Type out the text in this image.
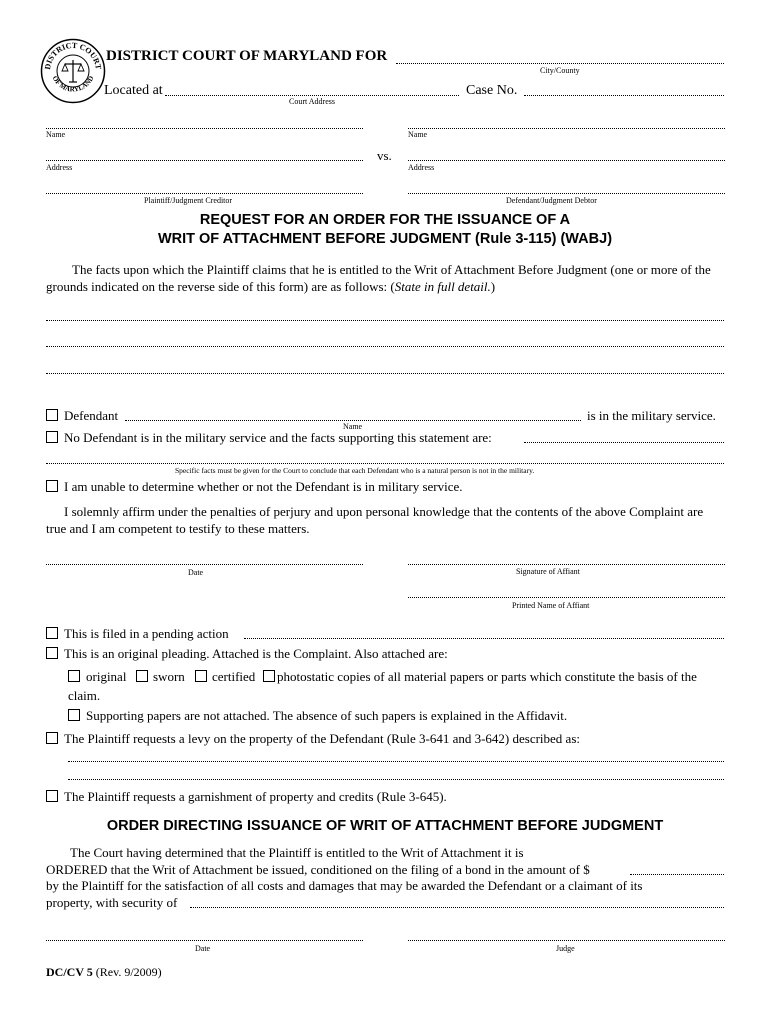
DISTRICT COURT
OF MARYLAND
DISTRICT COURT OF MARYLAND FOR
City/County
Located at
Court Address
Case No.
Name
Address
Plaintiff/Judgment Creditor
vs.
Name
Address
Defendant/Judgment Debtor
REQUEST FOR AN ORDER FOR THE ISSUANCE OF A
WRIT OF ATTACHMENT BEFORE JUDGMENT (Rule 3-115) (WABJ)
The facts upon which the Plaintiff claims that he is entitled to the Writ of Attachment Before Judgment (one or more of the grounds indicated on the reverse side of this form) are as follows: (State in full detail.)
Defendant
Name
is in the military service.
No Defendant is in the military service and the facts supporting this statement are:
Specific facts must be given for the Court to conclude that each Defendant who is a natural person is not in the military.
I am unable to determine whether or not the Defendant is in military service.
I solemnly affirm under the penalties of perjury and upon personal knowledge that the contents of the above Complaint are true and I am competent to testify to these matters.
Date	Signature of Affiant
Printed Name of Affiant
This is filed in a pending action
This is an original pleading. Attached is the Complaint. Also attached are:
original sworn certified photostatic copies of all material papers or parts which constitute the basis of the
claim.
Supporting papers are not attached. The absence of such papers is explained in the Affidavit.
The Plaintiff requests a levy on the property of the Defendant (Rule 3-641 and 3-642) described as:
The Plaintiff requests a garnishment of property and credits (Rule 3-645).
ORDER DIRECTING ISSUANCE OF WRIT OF ATTACHMENT BEFORE JUDGMENT
The Court having determined that the Plaintiff is entitled to the Writ of Attachment it is
ORDERED that the Writ of Attachment be issued, conditioned on the filing of a bond in the amount of $
by the Plaintiff for the satisfaction of all costs and damages that may be awarded the Defendant or a claimant of its
property, with security of
Date	Judge
DC/CV 5 (Rev. 9/2009)
